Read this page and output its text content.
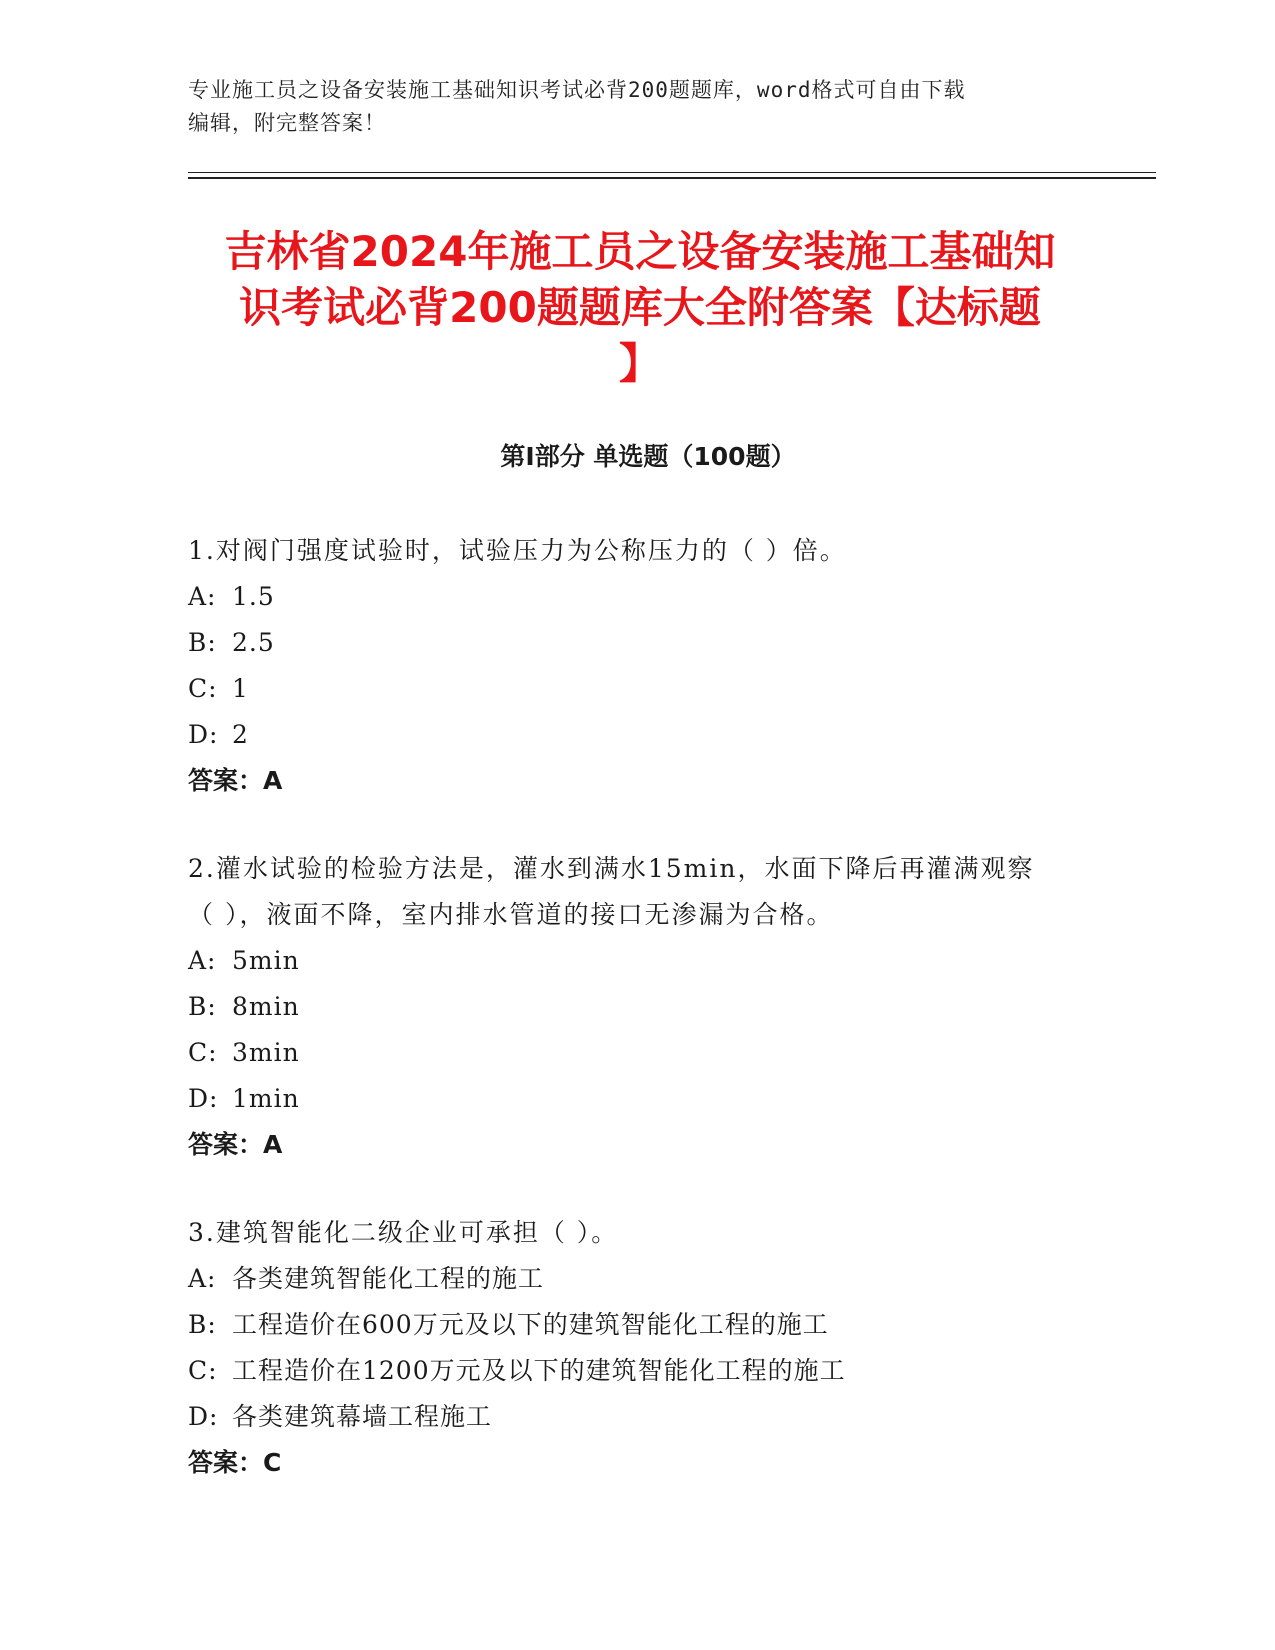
专业施工员之设备安装施工基础知识考试必背200题题库，word格式可自由下载
编辑，附完整答案！
吉林省2024年施工员之设备安装施工基础知
识考试必背200题题库大全附答案【达标题
】
第I部分 单选题（100题）
1.对阀门强度试验时，试验压力为公称压力的（ ）倍。
A: 1.5
B: 2.5
C: 1
D: 2
答案：A
2.灌水试验的检验方法是，灌水到满水15min，水面下降后再灌满观察
（ ），液面不降，室内排水管道的接口无渗漏为合格。
A: 5min
B: 8min
C: 3min
D: 1min
答案：A
3.建筑智能化二级企业可承担（ ）。
A: 各类建筑智能化工程的施工
B: 工程造价在600万元及以下的建筑智能化工程的施工
C: 工程造价在1200万元及以下的建筑智能化工程的施工
D: 各类建筑幕墙工程施工
答案：C
